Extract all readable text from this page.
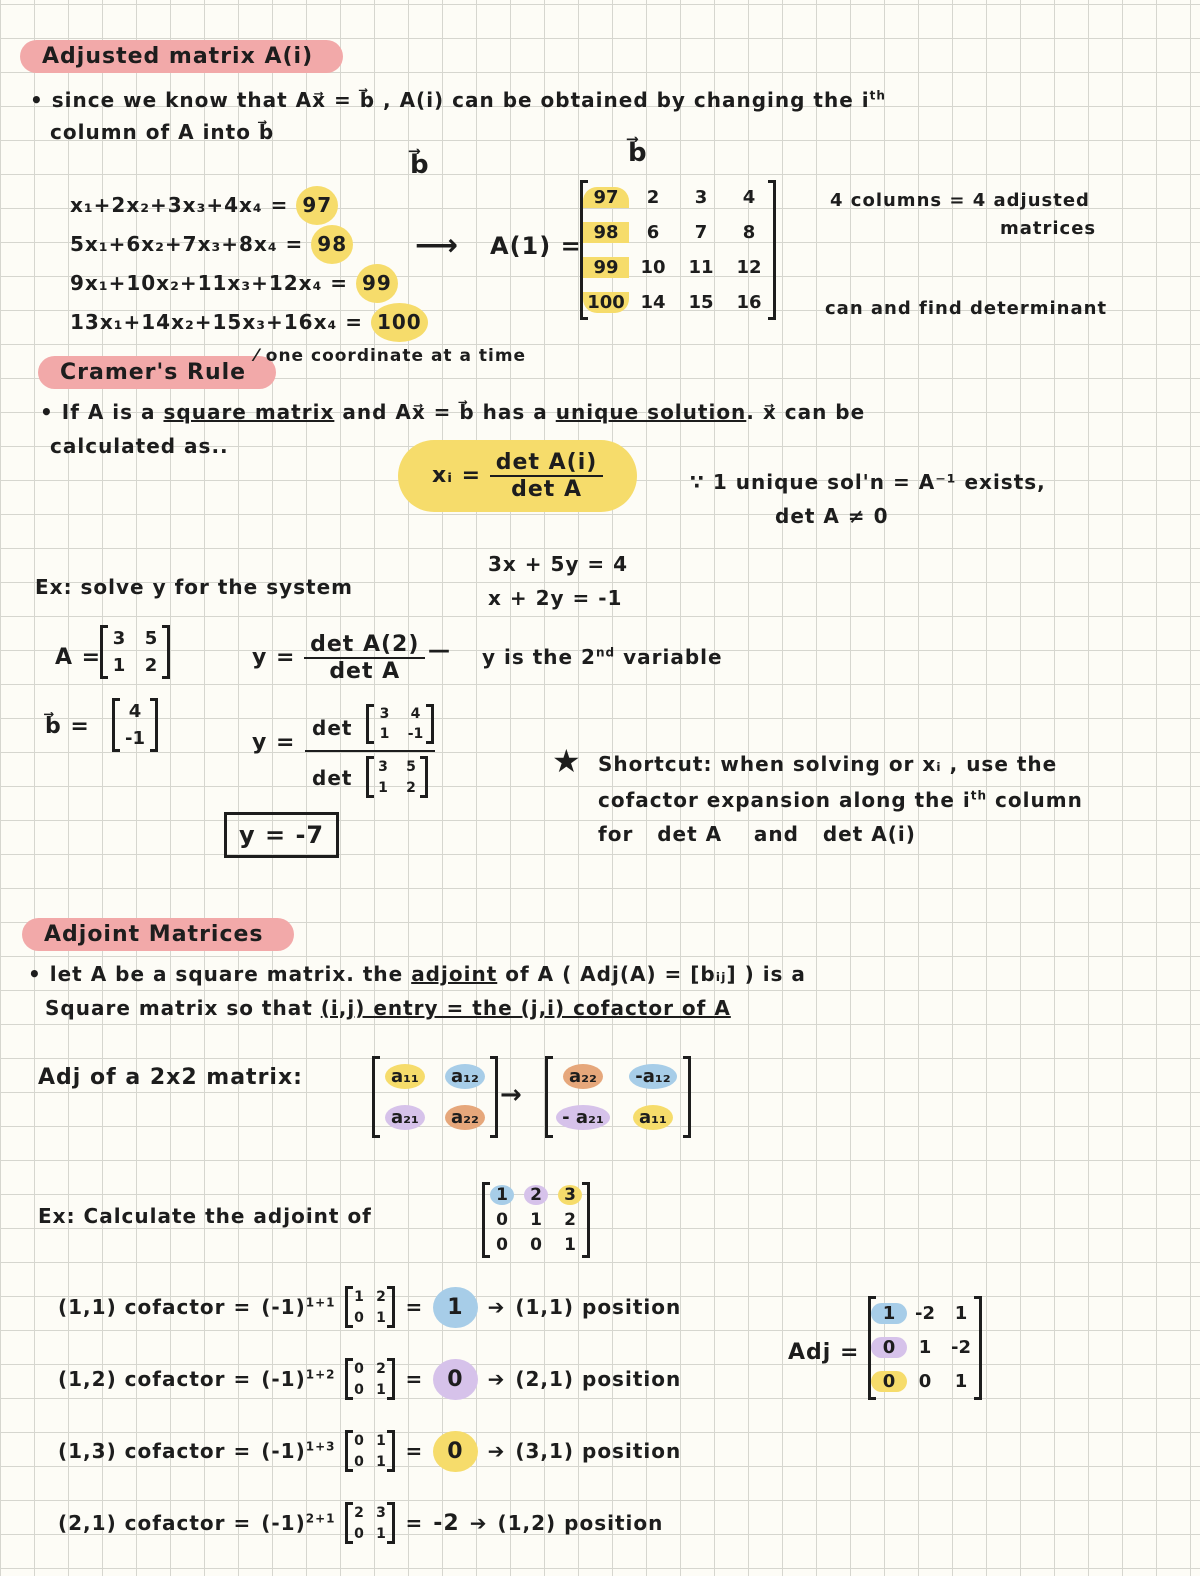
Adjusted matrix A(i)
• since we know that Ax⃗ = b⃗ , A(i) can be obtained by changing the $i^{th}$
column of A into b⃗
b⃗
x₁+2x₂+3x₃+4x₄ = 97
5x₁+6x₂+7x₃+8x₄ = 98
9x₁+10x₂+11x₃+12x₄ = 99
13x₁+14x₂+15x₃+16x₄ = 100
⟶ A(1) =
b⃗
97	2	3	4
98	6	7	8
99	10	11	12
100 14	15	16
4 columns = 4 adjusted
matrices
can and find determinant
Cramer's Rule
⁄ one coordinate at a time
• If A is a square matrix and Ax⃗ = b⃗ has a unique solution. x⃗ can be
calculated as..
xᵢ = $\frac{\text{det A(i)}}{\text{det A}}$	∵ 1 unique sol'n = A⁻¹ exists,
det A ≠ 0
Ex: solve y for the system
3x + 5y = 4
x + 2y = -1
A =
3	5
1	2
b⃗ =
4
-1
$y = \frac{\text{det A(2)}}{\text{det A}}$ — y is the 2nd variable
y =
det
3	4
1	-1
det	3	5
1	2
y = -7
★ Shortcut: when solving or xᵢ , use the
cofactor expansion along the $i^{th}$ column
for   det A    and   det A(i)
Adjoint Matrices
• let A be a square matrix. the adjoint of A ( Adj(A) = [bᵢⱼ] ) is a
Square matrix so that (i,j) entry = the (j,i) cofactor of A
Adj of a 2x2 matrix:	a₁₁	a₁₂
a₂₁	a₂₂
→
a₂₂	-a₁₂
- a₂₁	a₁₁
Ex: Calculate the adjoint of
1	2	3
0	1	2
0	0	1
(1,1) cofactor = $(-1)^{1+1}$	1 2
0 1 =	1	➔ (1,1) position
(1,2) cofactor = $(-1)^{1+2}$	0 2
0 1 =	0	➔ (2,1) position
(1,3) cofactor = $(-1)^{1+3}$	0 1
0 1 =	0	➔ (3,1) position
(2,1) cofactor = $(-1)^{2+1}$	2 3
0 1 = -2 ➔ (1,2) position
Adj =
1	-2	1
0	1	-2
0	0	1
